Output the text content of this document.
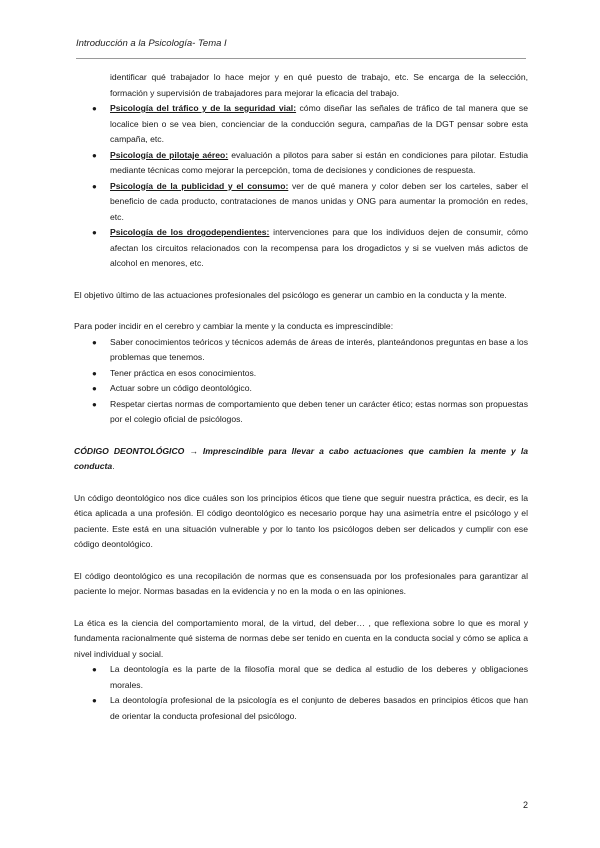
Introducción a la Psicología- Tema I

identificar qué trabajador lo hace mejor y en qué puesto de trabajo, etc. Se encarga de la selección, formación y supervisión de trabajadores para mejorar la eficacia del trabajo.

● Psicología del tráfico y de la seguridad vial: cómo diseñar las señales de tráfico de tal manera que se localice bien o se vea bien, concienciar de la conducción segura, campañas de la DGT pensar sobre esta campaña, etc.
● Psicología de pilotaje aéreo: evaluación a pilotos para saber si están en condiciones para pilotar. Estudia mediante técnicas como mejorar la percepción, toma de decisiones y condiciones de respuesta.
● Psicología de la publicidad y el consumo: ver de qué manera y color deben ser los carteles, saber el beneficio de cada producto, contrataciones de manos unidas y ONG para aumentar la promoción en redes, etc.
● Psicología de los drogodependientes: intervenciones para que los individuos dejen de consumir, cómo afectan los circuitos relacionados con la recompensa para los drogadictos y si se vuelven más adictos de alcohol en menores, etc.

El objetivo último de las actuaciones profesionales del psicólogo es generar un cambio en la conducta y la mente.

Para poder incidir en el cerebro y cambiar la mente y la conducta es imprescindible:

● Saber conocimientos teóricos y técnicos además de áreas de interés, planteándonos preguntas en base a los problemas que tenemos.
● Tener práctica en esos conocimientos.
● Actuar sobre un código deontológico.
● Respetar ciertas normas de comportamiento que deben tener un carácter ético; estas normas son propuestas por el colegio oficial de psicólogos.

CÓDIGO DEONTOLÓGICO → Imprescindible para llevar a cabo actuaciones que cambien la mente y la conducta.

Un código deontológico nos dice cuáles son los principios éticos que tiene que seguir nuestra práctica, es decir, es la ética aplicada a una profesión. El código deontológico es necesario porque hay una asimetría entre el psicólogo y el paciente. Este está en una situación vulnerable y por lo tanto los psicólogos deben ser delicados y cumplir con ese código deontológico.

El código deontológico es una recopilación de normas que es consensuada por los profesionales para garantizar al paciente lo mejor. Normas basadas en la evidencia y no en la moda o en las opiniones.

La ética es la ciencia del comportamiento moral, de la virtud, del deber… , que reflexiona sobre lo que es moral y fundamenta racionalmente qué sistema de normas debe ser tenido en cuenta en la conducta social y cómo se aplica a nivel individual y social.

● La deontología es la parte de la filosofía moral que se dedica al estudio de los deberes y obligaciones morales.
● La deontología profesional de la psicología es el conjunto de deberes basados en principios éticos que han de orientar la conducta profesional del psicólogo.
2
